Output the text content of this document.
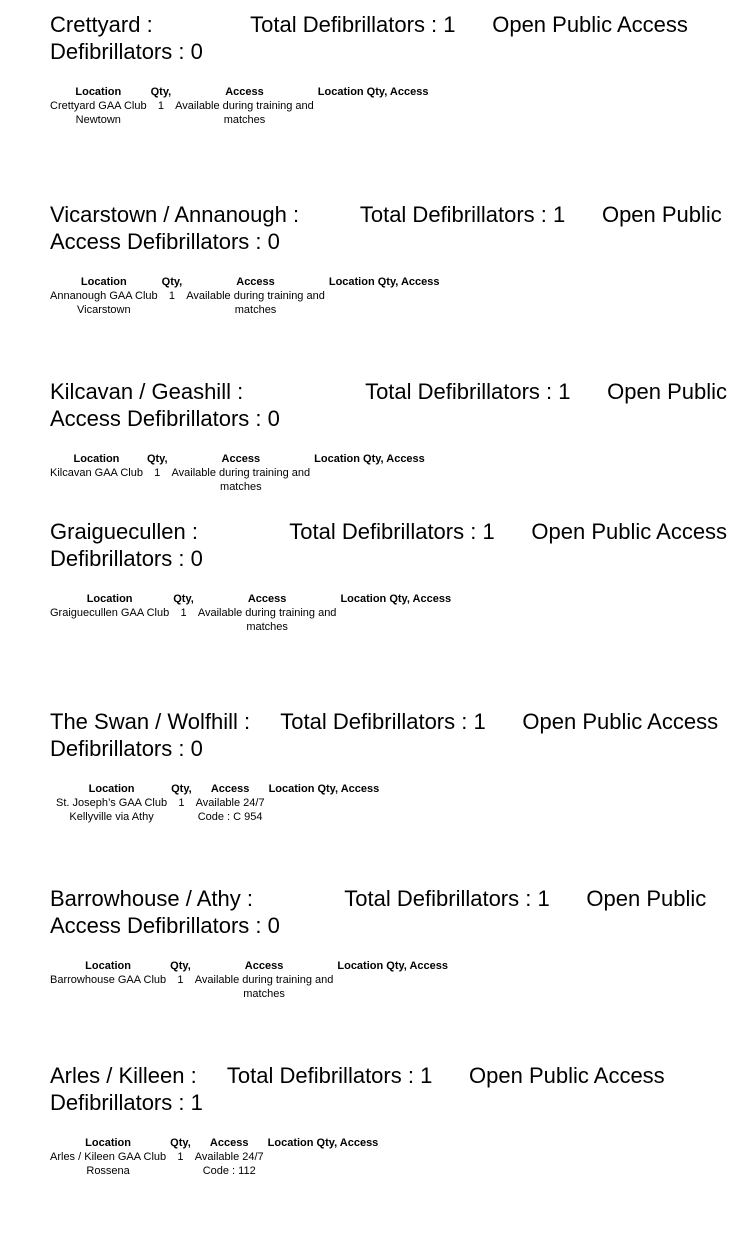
Crettyard :	Total Defibrillators : 1 Open Public Access Defibrillators : 0

Location	Qty,	Access	Location Qty, Access

Crettyard GAA Club
Newtown	1	Available during training and
matches	

Vicarstown / Annanough :	Total Defibrillators : 1 Open Public Access Defibrillators : 0

Location	Qty,	Access	Location Qty, Access

Annanough GAA Club
Vicarstown	1	Available during training and
matches	

Kilcavan / Geashill :	Total Defibrillators : 1 Open Public Access Defibrillators : 0

Location	Qty,	Access	Location Qty, Access

Kilcavan GAA Club	1	Available during training and
matches	

Graiguecullen :	Total Defibrillators : 1 Open Public Access Defibrillators : 0

Location	Qty,	Access	Location Qty, Access

Graiguecullen GAA Club	1	Available during training and
matches	

The Swan / Wolfhill : Total Defibrillators : 1 Open Public Access Defibrillators : 0

Location	Qty,	Access	Location Qty, Access

St. Joseph’s GAA Club
Kellyville via Athy	1	Available 24/7
Code : C 954	

Barrowhouse / Athy :	Total Defibrillators : 1 Open Public Access Defibrillators : 0

Location	Qty,	Access	Location Qty, Access

Barrowhouse GAA Club	1	Available during training and
matches	

Arles / Killeen : Total Defibrillators : 1 Open Public Access Defibrillators : 1

Location	Qty,	Access	Location Qty, Access

Arles / Kileen GAA Club
Rossena	1	Available 24/7
Code : 112	
